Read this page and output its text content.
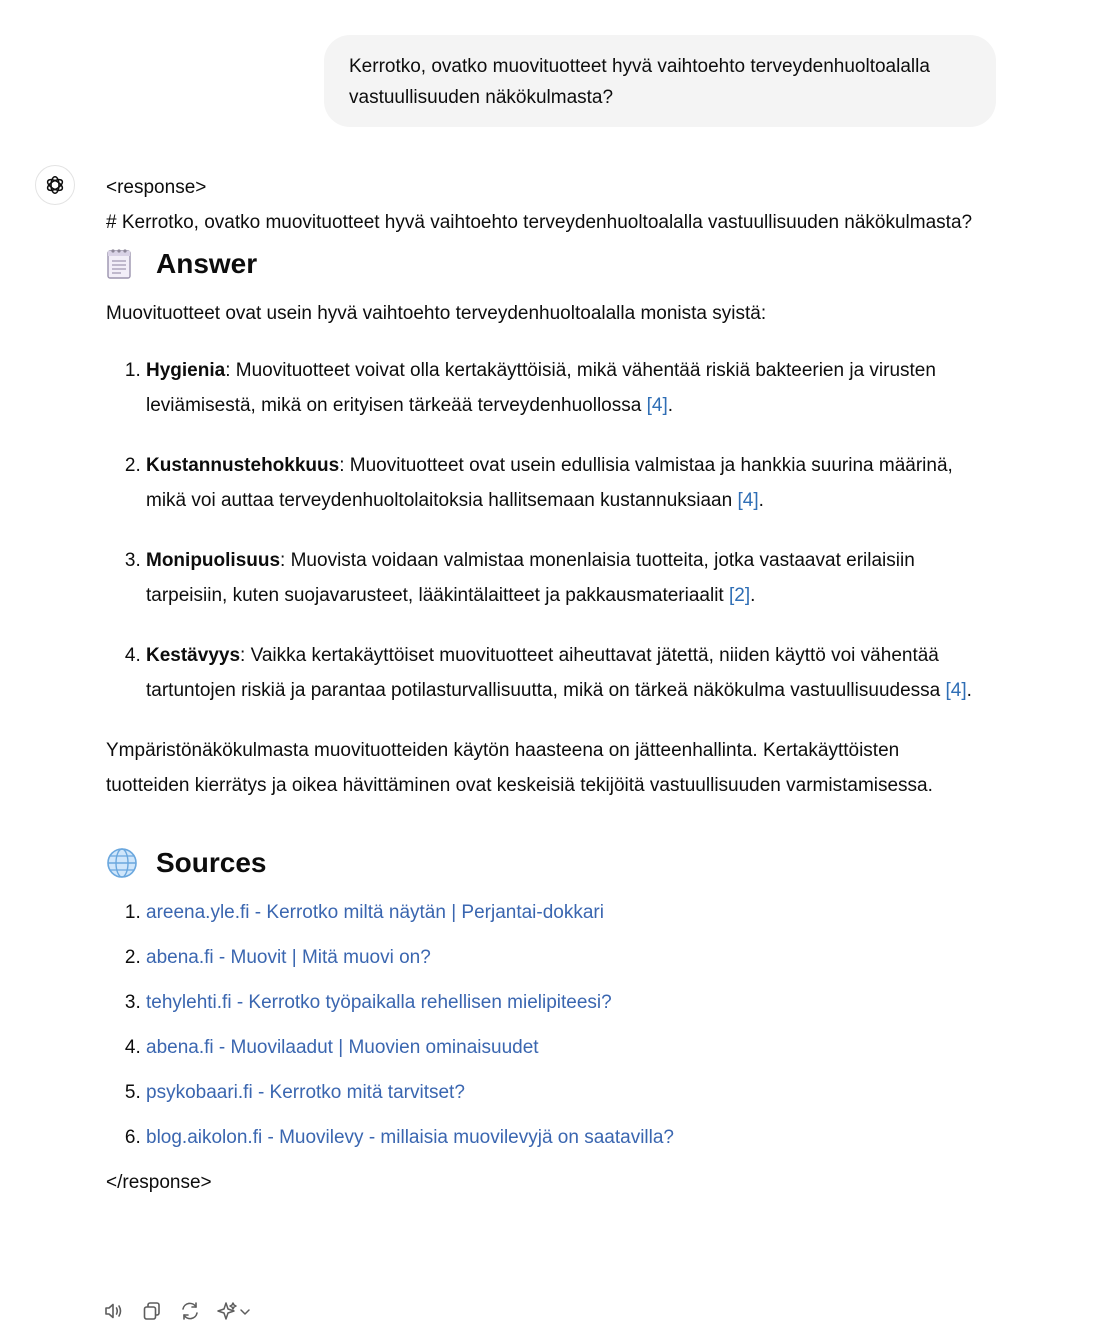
Kerrotko, ovatko muovituotteet hyvä vaihtoehto terveydenhuoltoalalla vastuullisuuden näkökulmasta?

<response>

# Kerrotko, ovatko muovituotteet hyvä vaihtoehto terveydenhuoltoalalla vastuullisuuden näkökulmasta?

Answer

Muovituotteet ovat usein hyvä vaihtoehto terveydenhuoltoalalla monista syistä:

1. Hygienia: Muovituotteet voivat olla kertakäyttöisiä, mikä vähentää riskiä bakteerien ja virusten leviämisestä, mikä on erityisen tärkeää terveydenhuollossa [4].
2. Kustannustehokkuus: Muovituotteet ovat usein edullisia valmistaa ja hankkia suurina määrinä, mikä voi auttaa terveydenhuoltolaitoksia hallitsemaan kustannuksiaan [4].
3. Monipuolisuus: Muovista voidaan valmistaa monenlaisia tuotteita, jotka vastaavat erilaisiin tarpeisiin, kuten suojavarusteet, lääkintälaitteet ja pakkausmateriaalit [2].
4. Kestävyys: Vaikka kertakäyttöiset muovituotteet aiheuttavat jätettä, niiden käyttö voi vähentää tartuntojen riskiä ja parantaa potilasturvallisuutta, mikä on tärkeä näkökulma vastuullisuudessa [4].

Ympäristönäkökulmasta muovituotteiden käytön haasteena on jätteenhallinta. Kertakäyttöisten tuotteiden kierrätys ja oikea hävittäminen ovat keskeisiä tekijöitä vastuullisuuden varmistamisessa.

Sources
1. areena.yle.fi - Kerrotko miltä näytän | Perjantai-dokkari
2. abena.fi - Muovit | Mitä muovi on?
3. tehylehti.fi - Kerrotko työpaikalla rehellisen mielipiteesi?
4. abena.fi - Muovilaadut | Muovien ominaisuudet
5. psykobaari.fi - Kerrotko mitä tarvitset?
6. blog.aikolon.fi - Muovilevy - millaisia muovilevyjä on saatavilla?

</response>
